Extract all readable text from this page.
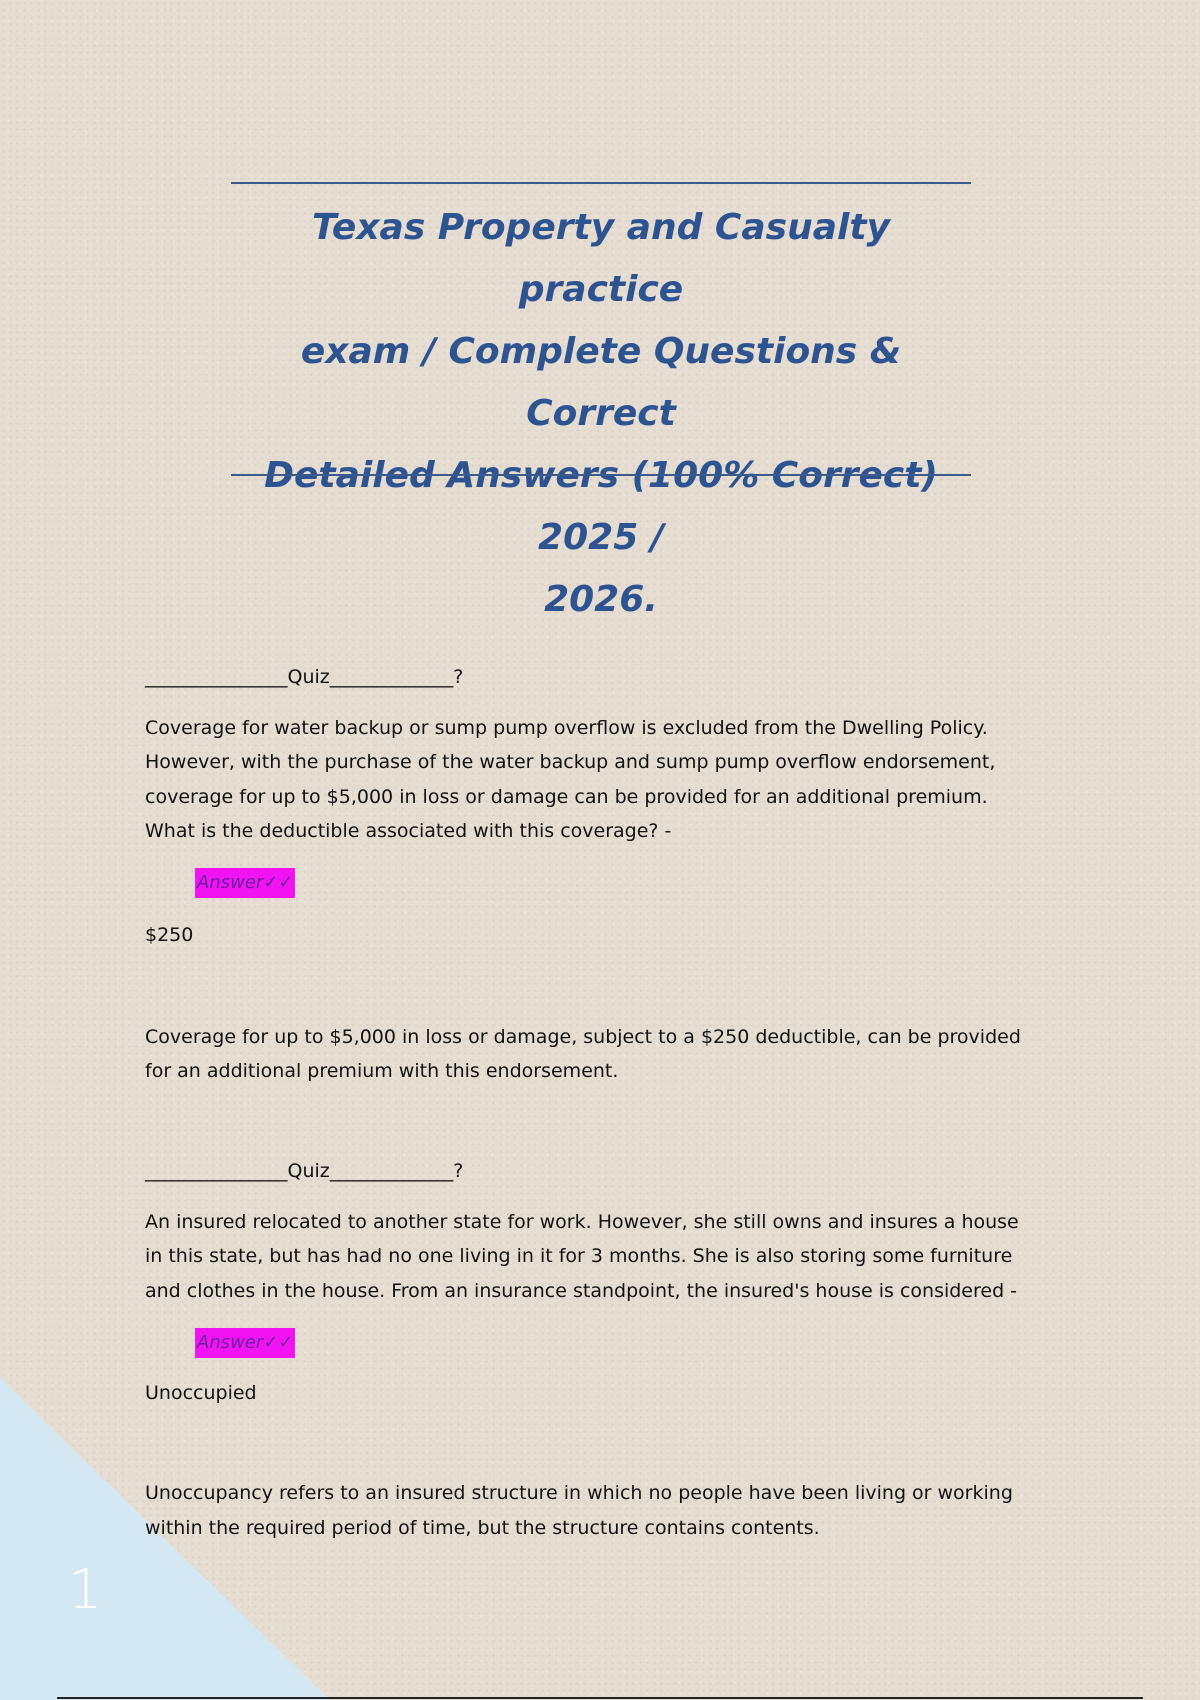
Texas Property and Casualty practice
exam / Complete Questions & Correct
Detailed Answers (100% Correct) 2025 /
2026.

_______________Quiz_____________?

Coverage for water backup or sump pump overflow is excluded from the Dwelling Policy.

However, with the purchase of the water backup and sump pump overflow endorsement,

coverage for up to $5,000 in loss or damage can be provided for an additional premium.

What is the deductible associated with this coverage? -

Answer✓✓

$250

Coverage for up to $5,000 in loss or damage, subject to a $250 deductible, can be provided

for an additional premium with this endorsement.

_______________Quiz_____________?

An insured relocated to another state for work. However, she still owns and insures a house

in this state, but has had no one living in it for 3 months. She is also storing some furniture

and clothes in the house. From an insurance standpoint, the insured's house is considered -

Answer✓✓

Unoccupied

Unoccupancy refers to an insured structure in which no people have been living or working

within the required period of time, but the structure contains contents.

1
